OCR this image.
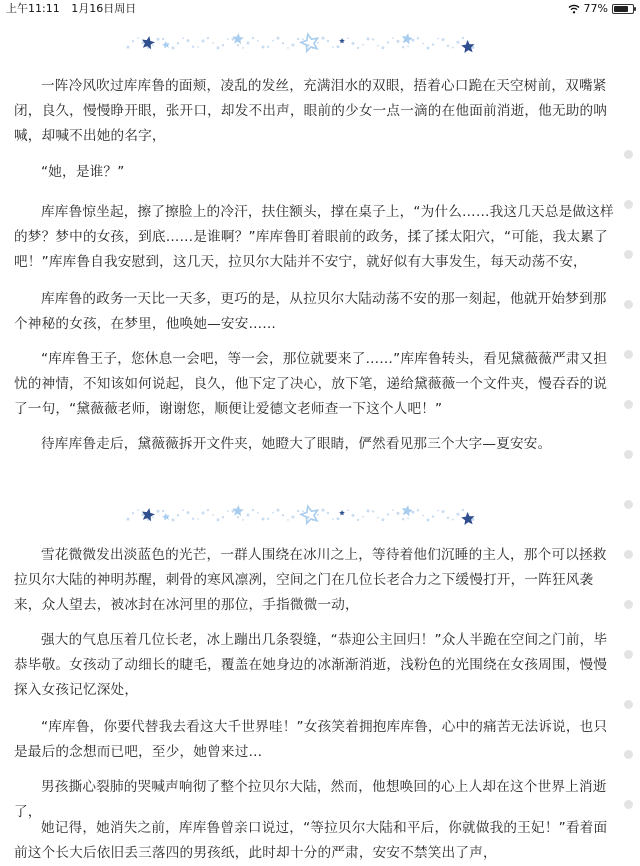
上午11:11 1月16日周日	77%

一阵冷风吹过库库鲁的面颊，凌乱的发丝，充满泪水的双眼，捂着心口跪在天空树前，双嘴紧闭，良久，慢慢睁开眼，张开口，却发不出声，眼前的少女一点一滴的在他面前消逝，他无助的呐喊，却喊不出她的名字，

“她，是谁？”

库库鲁惊坐起，擦了擦脸上的冷汗，扶住额头，撑在桌子上，“为什么……我这几天总是做这样的梦？梦中的女孩，到底……是谁啊？”库库鲁盯着眼前的政务，揉了揉太阳穴，“可能，我太累了吧！”库库鲁自我安慰到，这几天，拉贝尔大陆并不安宁，就好似有大事发生，每天动荡不安，

库库鲁的政务一天比一天多，更巧的是，从拉贝尔大陆动荡不安的那一刻起，他就开始梦到那个神秘的女孩，在梦里，他唤她—安安……

“库库鲁王子，您休息一会吧，等一会，那位就要来了……”库库鲁转头，看见黛薇薇严肃又担忧的神情，不知该如何说起，良久，他下定了决心，放下笔，递给黛薇薇一个文件夹，慢吞吞的说了一句，“黛薇薇老师，谢谢您，顺便让爱德文老师查一下这个人吧！”

待库库鲁走后，黛薇薇拆开文件夹，她瞪大了眼睛，俨然看见那三个大字—夏安安。

雪花微微发出淡蓝色的光芒，一群人围绕在冰川之上，等待着他们沉睡的主人，那个可以拯救拉贝尔大陆的神明苏醒，刺骨的寒风凛冽，空间之门在几位长老合力之下缓慢打开，一阵狂风袭来，众人望去，被冰封在冰河里的那位，手指微微一动，

强大的气息压着几位长老，冰上蹦出几条裂缝，“恭迎公主回归！”众人半跪在空间之门前，毕恭毕敬。女孩动了动细长的睫毛，覆盖在她身边的冰渐渐消逝，浅粉色的光围绕在女孩周围，慢慢探入女孩记忆深处，

“库库鲁，你要代替我去看这大千世界哇！”女孩笑着拥抱库库鲁，心中的痛苦无法诉说，也只是最后的念想而已吧，至少，她曾来过…

男孩撕心裂肺的哭喊声响彻了整个拉贝尔大陆，然而，他想唤回的心上人却在这个世界上消逝了，

她记得，她消失之前，库库鲁曾亲口说过，“等拉贝尔大陆和平后，你就做我的王妃！”看着面前这个长大后依旧丢三落四的男孩纸，此时却十分的严肃，安安不禁笑出了声，
